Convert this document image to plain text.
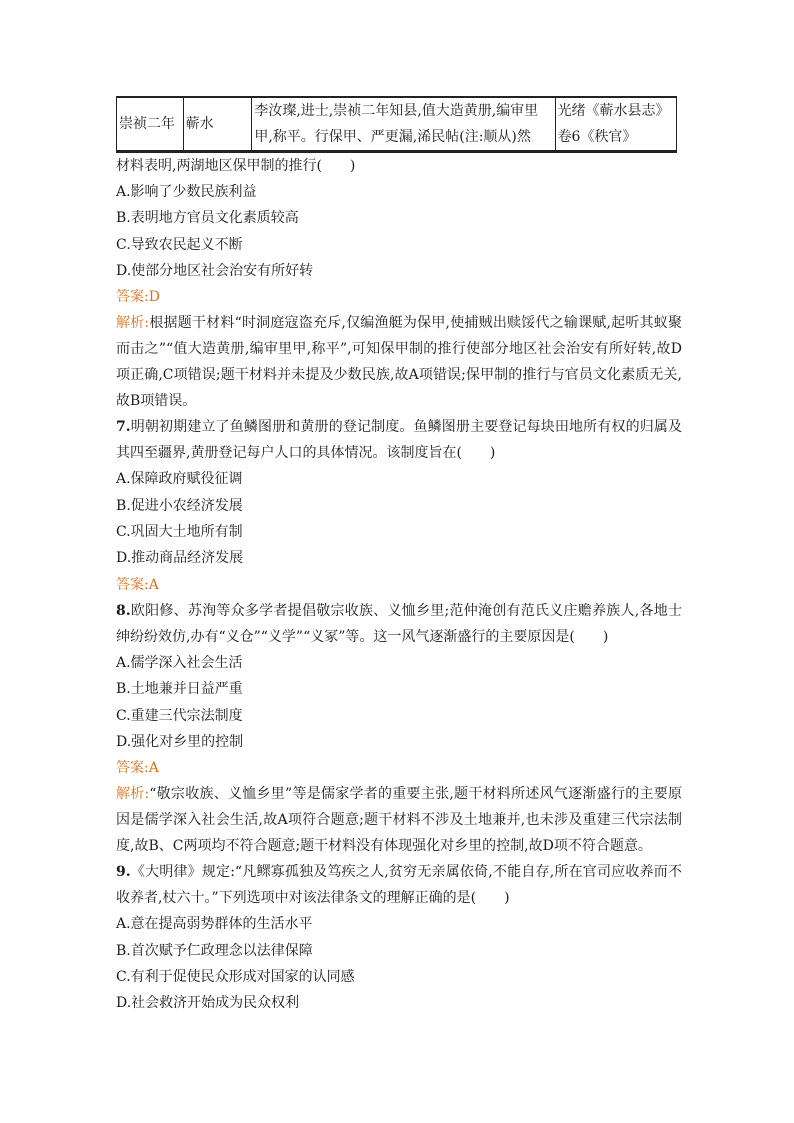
崇祯二年	蕲水	李汝璨,进士,崇祯二年知县,值大造黄册,编审里甲,称平。行保甲、严更漏,浠民帖(注:顺从)然	光绪《蕲水县志》卷6《秩官》
材料表明,两湖地区保甲制的推行(　　)
A.影响了少数民族利益
B.表明地方官员文化素质较高
C.导致农民起义不断
D.使部分地区社会治安有所好转
答案:D
解析:根据题干材料“时洞庭寇盗充斥,仅编渔艇为保甲,使捕贼出赎馁代之输课赋,起听其蚁聚而击之”“值大造黄册,编审里甲,称平”,可知保甲制的推行使部分地区社会治安有所好转,故D项正确,C项错误;题干材料并未提及少数民族,故A项错误;保甲制的推行与官员文化素质无关,故B项错误。
7.明朝初期建立了鱼鳞图册和黄册的登记制度。鱼鳞图册主要登记每块田地所有权的归属及其四至疆界,黄册登记每户人口的具体情况。该制度旨在(　　)
A.保障政府赋役征调
B.促进小农经济发展
C.巩固大土地所有制
D.推动商品经济发展
答案:A
8.欧阳修、苏洵等众多学者提倡敬宗收族、义恤乡里;范仲淹创有范氏义庄赡养族人,各地士绅纷纷效仿,办有“义仓”“义学”“义冢”等。这一风气逐渐盛行的主要原因是(　　)
A.儒学深入社会生活
B.土地兼并日益严重
C.重建三代宗法制度
D.强化对乡里的控制
答案:A
解析:“敬宗收族、义恤乡里”等是儒家学者的重要主张,题干材料所述风气逐渐盛行的主要原因是儒学深入社会生活,故A项符合题意;题干材料不涉及土地兼并,也未涉及重建三代宗法制度,故B、C两项均不符合题意;题干材料没有体现强化对乡里的控制,故D项不符合题意。
9.《大明律》规定:“凡鳏寡孤独及笃疾之人,贫穷无亲属依倚,不能自存,所在官司应收养而不收养者,杖六十。”下列选项中对该法律条文的理解正确的是(　　)
A.意在提高弱势群体的生活水平
B.首次赋予仁政理念以法律保障
C.有利于促使民众形成对国家的认同感
D.社会救济开始成为民众权利
